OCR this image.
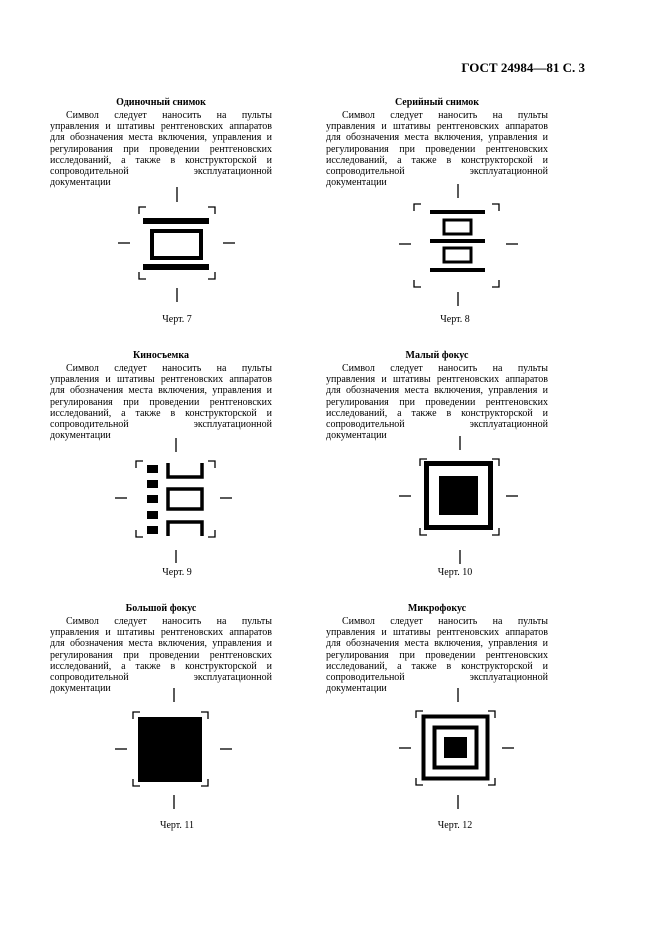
ГОСТ 24984—81 С. 3
Одиночный снимок

Символ следует наносить на пульты управления и штативы рентгеновских аппаратов для обозначения места включения, управления и регулирования при проведении рентгеновских исследований, а также в конструкторской и сопроводительной эксплуатационной документации

Черт. 7
Серийный снимок

Символ следует наносить на пульты управления и штативы рентгеновских аппаратов для обозначения места включения, управления и регулирования при проведении рентгеновских исследований, а также в конструкторской и сопроводительной эксплуатационной документации

Черт. 8
Киносъемка

Символ следует наносить на пульты управления и штативы рентгеновских аппаратов для обозначения места включения, управления и регулирования при проведении рентгеновских исследований, а также в конструкторской и сопроводительной эксплуатационной документации

Черт. 9
Малый фокус

Символ следует наносить на пульты управления и штативы рентгеновских аппаратов для обозначения места включения, управления и регулирования при проведении рентгеновских исследований, а также в конструкторской и сопроводительной эксплуатационной документации

Черт. 10
Большой фокус

Символ следует наносить на пульты управления и штативы рентгеновских аппаратов для обозначения места включения, управления и регулирования при проведении рентгеновских исследований, а также в конструкторской и сопроводительной эксплуатационной документации

Черт. 11
Микрофокус

Символ следует наносить на пульты управления и штативы рентгеновских аппаратов для обозначения места включения, управления и регулирования при проведении рентгеновских исследований, а также в конструкторской и сопроводительной эксплуатационной документации

Черт. 12
